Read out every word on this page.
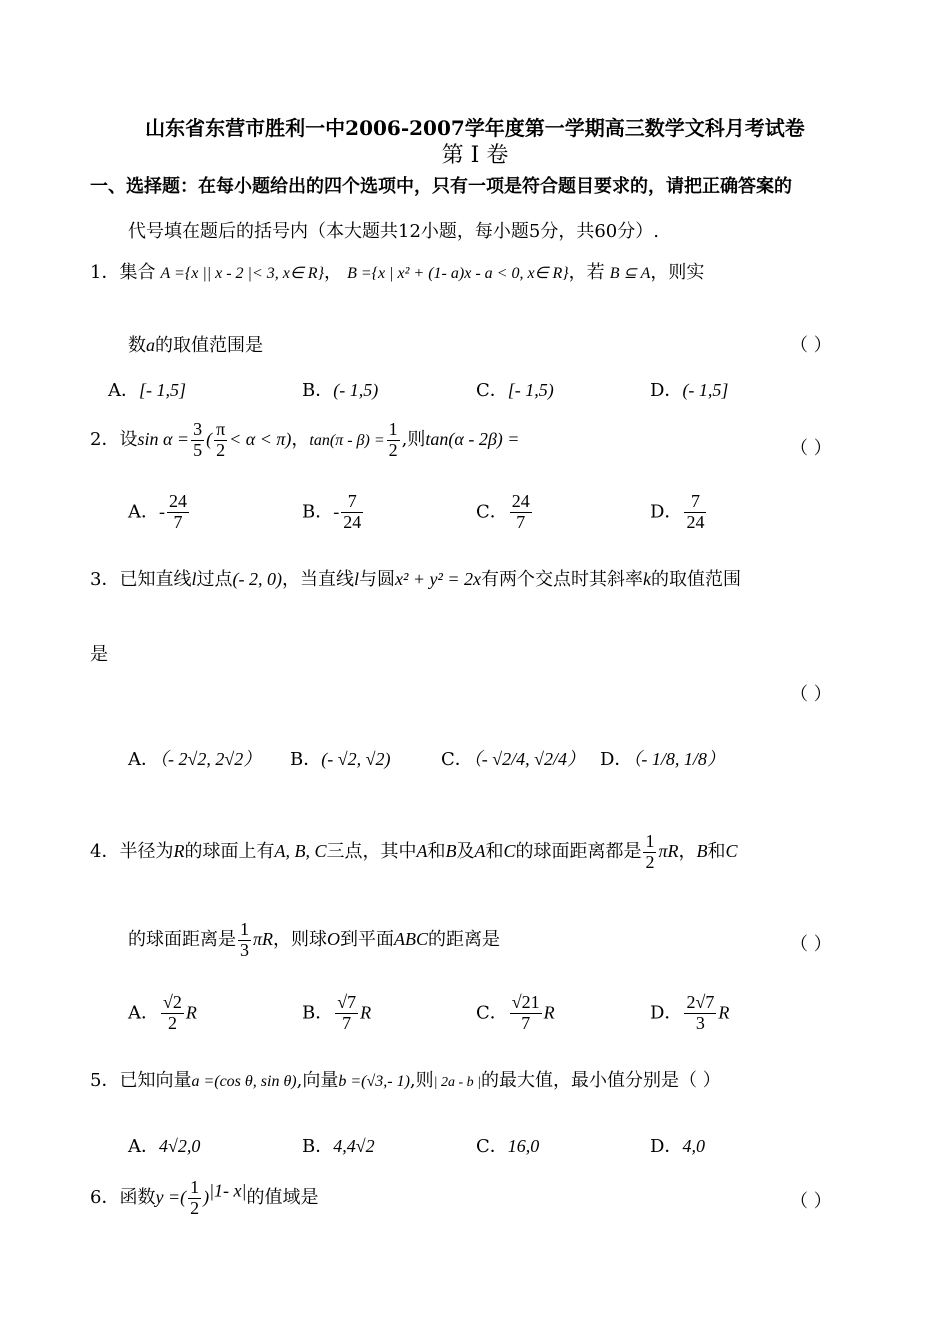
山东省东营市胜利一中2006-2007学年度第一学期高三数学文科月考试卷
第 I 卷
一、选择题：在每小题给出的四个选项中，只有一项是符合题目要求的，请把正确答案的
代号填在题后的括号内（本大题共12小题，每小题5分，共60分）.
1．集合 A ={x || x - 2 |< 3, x∈ R}， B ={x | x² + (1- a)x - a < 0, x∈ R}，若 B ⊆ A，则实
数a的取值范围是	（ ）
A．[- 1,5]	B．(- 1,5)	C．[- 1,5)	D．(- 1,5]
2．设$\sin \alpha = \frac{3}{5}$ ( $\frac{\pi}{2} < \alpha < \pi$)，$\tan(\pi - \beta) = \frac{1}{2}$ ,则tan(α - 2β) =	（ ）
A．- $\frac{24}{7}$	B．- $\frac{7}{24}$	C． $\frac{24}{7}$	D． $\frac{7}{24}$
3．已知直线l过点(- 2, 0)，当直线l与圆x² + y² = 2x有两个交点时其斜率k的取值范围
是
（ ）
A．（- 2√2, 2√2） B．(- √2, √2)	C．（- √2/4, √2/4） D．（- 1/8, 1/8）
4．半径为R的球面上有A, B, C三点，其中A和B及A和C的球面距离都是 $\frac{1}{2}$ πR，B和C
的球面距离是 $\frac{1}{3}$ πR，则球O到平面ABC的距离是	（ ）
A． $\frac{√2}{2}$ R	B． $\frac{√7}{7}$ R	C． $\frac{√21}{7}$ R	D． $\frac{2√7}{3}$ R
5．已知向量a =(cos θ, sin θ),向量b =(√3,- 1),则| 2a - b |的最大值，最小值分别是（ ）
A．4√2,0	B．4,4√2	C．16,0	D．4,0
6．函数y =( $\frac{1}{2} )^{|1- x|}$的值域是	（ ）
